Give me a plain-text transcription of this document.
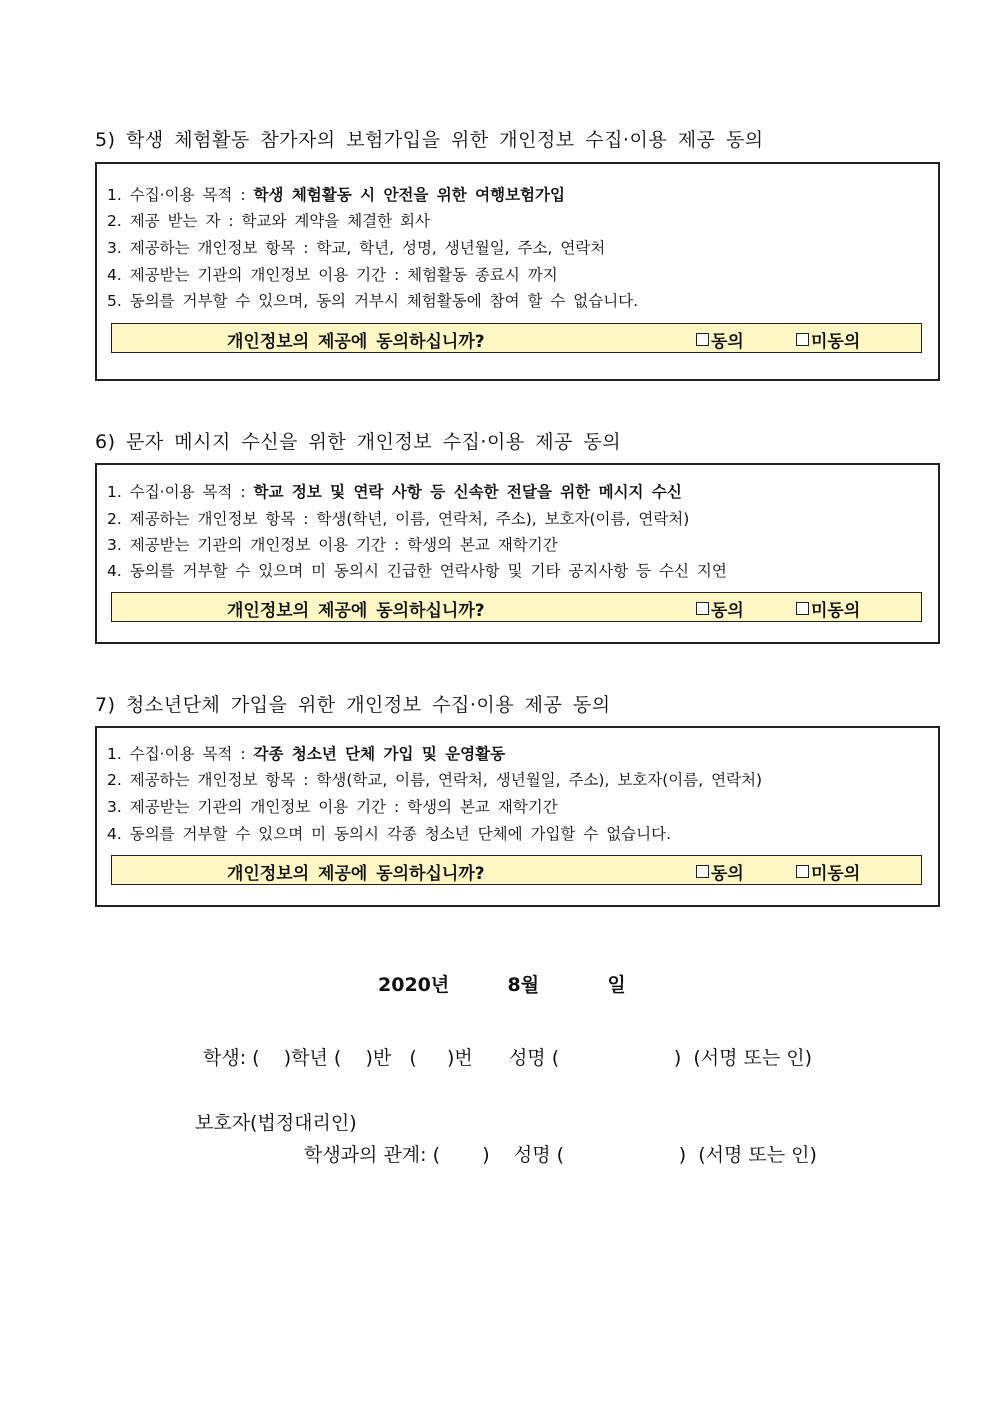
5) 학생 체험활동 참가자의 보험가입을 위한 개인정보 수집·이용 제공 동의
1. 수집·이용 목적 : 학생 체험활동 시 안전을 위한 여행보험가입
2. 제공 받는 자 : 학교와 계약을 체결한 회사
3. 제공하는 개인정보 항목 : 학교, 학년, 성명, 생년월일, 주소, 연락처
4. 제공받는 기관의 개인정보 이용 기간 : 체험활동 종료시 까지
5. 동의를 거부할 수 있으며, 동의 거부시 체험활동에 참여 할 수 없습니다.
개인정보의 제공에 동의하십니까?	동의	미동의
6) 문자 메시지 수신을 위한 개인정보 수집·이용 제공 동의
1. 수집·이용 목적 : 학교 정보 및 연락 사항 등 신속한 전달을 위한 메시지 수신
2. 제공하는 개인정보 항목 : 학생(학년, 이름, 연락처, 주소), 보호자(이름, 연락처)
3. 제공받는 기관의 개인정보 이용 기간 : 학생의 본교 재학기간
4. 동의를 거부할 수 있으며 미 동의시 긴급한 연락사항 및 기타 공지사항 등 수신 지연
개인정보의 제공에 동의하십니까?	동의	미동의
7) 청소년단체 가입을 위한 개인정보 수집·이용 제공 동의
1. 수집·이용 목적 : 각종 청소년 단체 가입 및 운영활동
2. 제공하는 개인정보 항목 : 학생(학교, 이름, 연락처, 생년월일, 주소), 보호자(이름, 연락처)
3. 제공받는 기관의 개인정보 이용 기간 : 학생의 본교 재학기간
4. 동의를 거부할 수 있으며 미 동의시 각종 청소년 단체에 가입할 수 없습니다.
개인정보의 제공에 동의하십니까?	동의	미동의
2020년	8월	일
학생: (    )학년 (    )반   (     )번      성명 (                   )  (서명 또는 인)
보호자(법정대리인)
학생과의 관계: (       )    성명 (                   )  (서명 또는 인)
